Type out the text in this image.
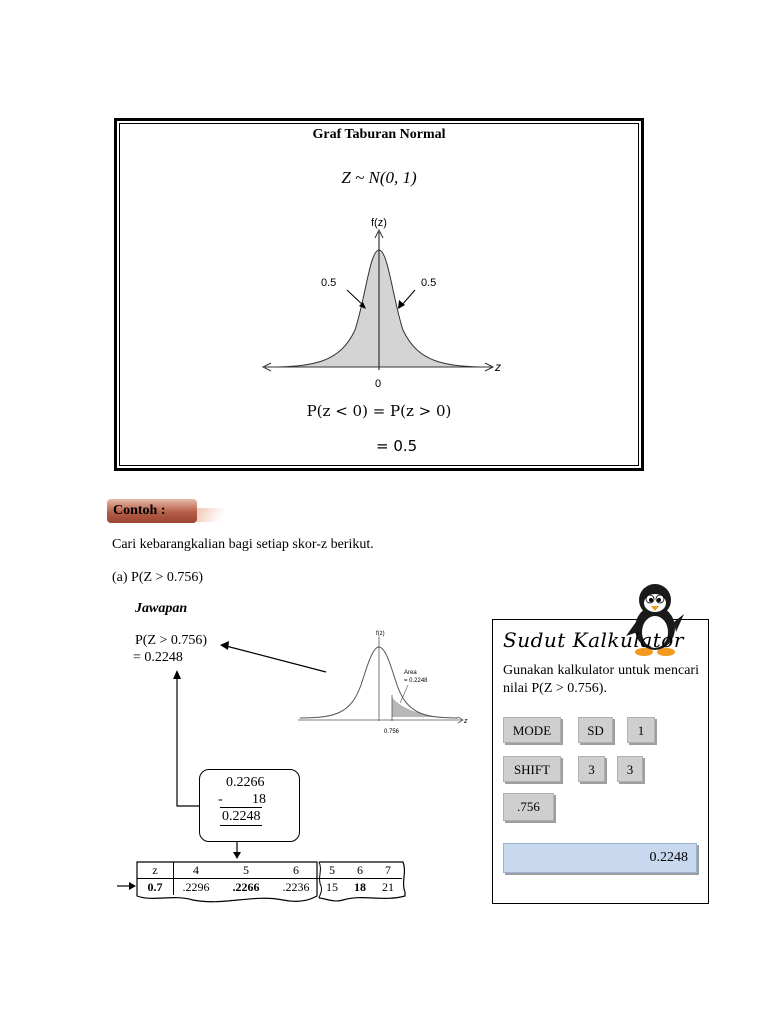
Graf Taburan Normal
Z ~ N(0, 1)
f(z)
0.5	0.5
z
0
P(z < 0) = P(z > 0)
= 0.5
Contoh :
Cari kebarangkalian bagi setiap skor-z berikut.
(a) P(Z > 0.756)
Jawapan
P(Z > 0.756)
= 0.2248
f(z)
Area
= 0.2248
z
0.756
0.2266
- 18
0.2248
z	4	5	6
0.7	.2296	.2266	.2236
5	6	7
15	18	21
Sudut Kalkulator
Gunakan kalkulator untuk mencari nilai P(Z > 0.756).
MODE	SD	1
SHIFT	3	3
.756
0.2248
